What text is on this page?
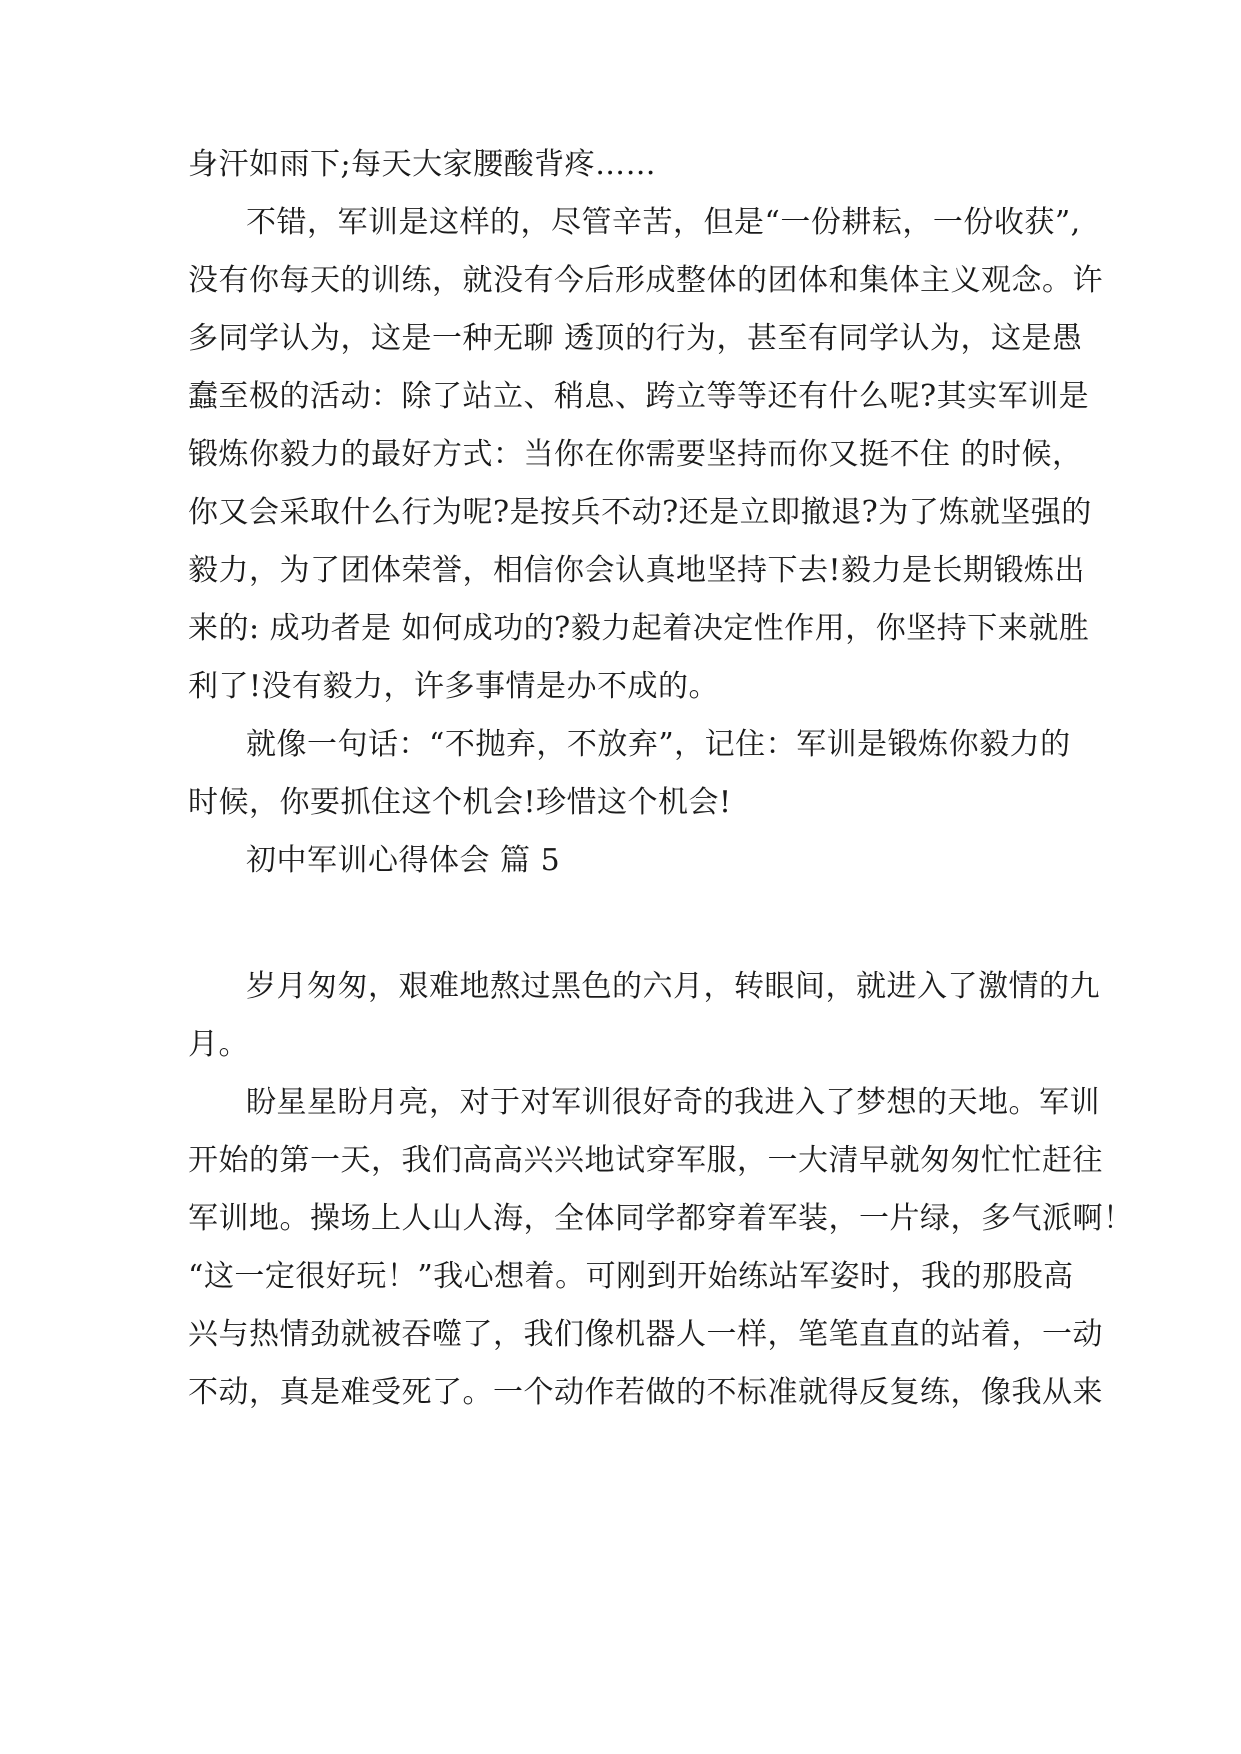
身汗如雨下;每天大家腰酸背疼……
不错，军训是这样的，尽管辛苦，但是“一份耕耘，一份收获”,
没有你每天的训练，就没有今后形成整体的团体和集体主义观念。许
多同学认为，这是一种无聊 透顶的行为，甚至有同学认为，这是愚
蠢至极的活动：除了站立、稍息、跨立等等还有什么呢?其实军训是
锻炼你毅力的最好方式：当你在你需要坚持而你又挺不住 的时候，
你又会采取什么行为呢?是按兵不动?还是立即撤退?为了炼就坚强的
毅力，为了团体荣誉，相信你会认真地坚持下去!毅力是长期锻炼出
来的: 成功者是 如何成功的?毅力起着决定性作用，你坚持下来就胜
利了!没有毅力，许多事情是办不成的。
就像一句话：“不抛弃，不放弃”，记住：军训是锻炼你毅力的
时候，你要抓住这个机会!珍惜这个机会!
初中军训心得体会 篇 5
岁月匆匆，艰难地熬过黑色的六月，转眼间，就进入了激情的九
月。
盼星星盼月亮，对于对军训很好奇的我进入了梦想的天地。军训
开始的第一天，我们高高兴兴地试穿军服，一大清早就匆匆忙忙赶往
军训地。操场上人山人海，全体同学都穿着军装，一片绿，多气派啊！
“这一定很好玩！”我心想着。可刚到开始练站军姿时，我的那股高
兴与热情劲就被吞噬了，我们像机器人一样，笔笔直直的站着，一动
不动，真是难受死了。一个动作若做的不标准就得反复练，像我从来
